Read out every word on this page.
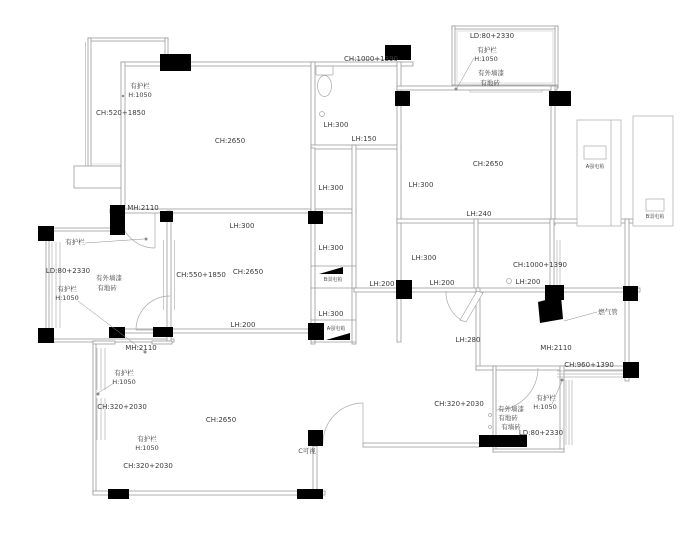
有护栏
H:1050
CH:520+1850
CH:2650
MH:2110
LH:300
LH:300
LH:150
CH:1000+1390
LD:80+2330
有护栏
H:1050
有外墙漆
有地砖
CH:2650
LH:300
LH:240
LH:300
LH:300
B弱电箱	LH:200
LH:300
A强电箱
LH:300
LH:200
CH:1000+1390
LH:200
LH:280
MH:2110
CH:960+1390
燃气管
CH:320+2030
有外墙漆
有地砖
有墙砖
有护栏
H:1050
LD:80+2330
C可视
CH:2650
有护栏
H:1050
CH:320+2030
CH:320+2030
有护栏
H:1050
MH:2110
LD:80+2330
有外墙漆
有地砖
有护栏
有护栏
H:1050
CH:550+1850 CH:2650
LH:200
A强电箱
B弱电箱
